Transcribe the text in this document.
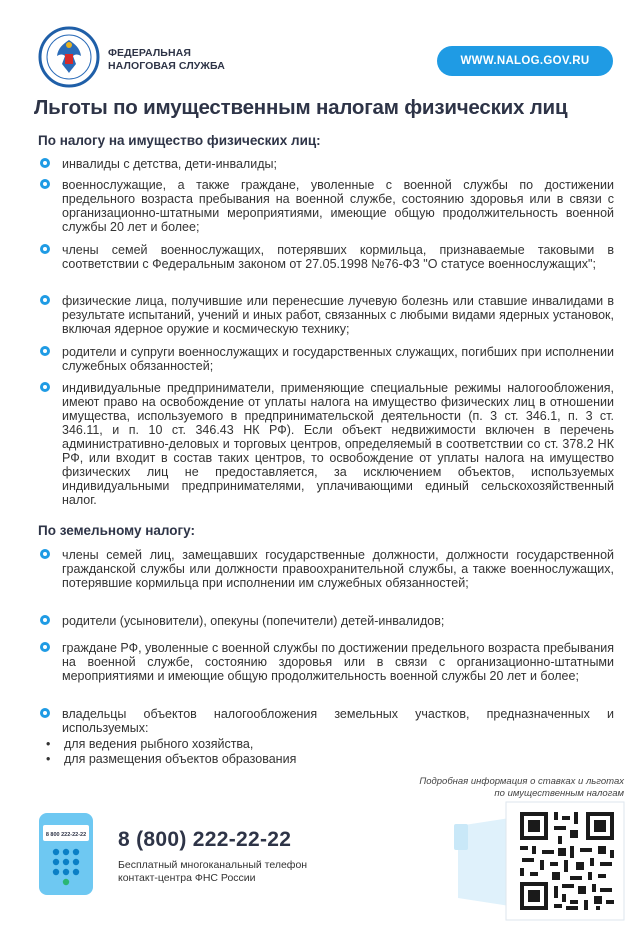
ФЕДЕРАЛЬНАЯ
НАЛОГОВАЯ СЛУЖБА	WWW.NALOG.GOV.RU
Льготы по имущественным налогам физических лиц
По налогу на имущество физических лиц:
инвалиды с детства, дети-инвалиды;
военнослужащие, а также граждане, уволенные с военной службы по достижении предельного возраста пребывания на военной службе, состоянию здоровья или в связи с организационно-штатными мероприятиями, имеющие общую продолжительность военной службы 20 лет и более;
члены семей военнослужащих, потерявших кормильца, признаваемые таковыми в соответствии с Федеральным законом от 27.05.1998 №76-ФЗ "О статусе военнослужащих";
физические лица, получившие или перенесшие лучевую болезнь или ставшие инвалидами в результате испытаний, учений и иных работ, связанных с любыми видами ядерных установок, включая ядерное оружие и космическую технику;
родители и супруги военнослужащих и государственных служащих, погибших при исполнении служебных обязанностей;
индивидуальные предприниматели, применяющие специальные режимы налогообложения, имеют право на освобождение от уплаты налога на имущество физических лиц в отношении имущества, используемого в предпринимательской деятельности (п. 3 ст. 346.1, п. 3 ст. 346.11, и п. 10 ст. 346.43 НК РФ). Если объект недвижимости включен в перечень административно-деловых и торговых центров, определяемый в соответствии со ст. 378.2 НК РФ, или входит в состав таких центров, то освобождение от уплаты налога на имущество физических лиц не предоставляется, за исключением объектов, используемых индивидуальными предпринимателями, уплачивающими единый сельскохозяйственный налог.
По земельному налогу:
члены семей лиц, замещавших государственные должности, должности государственной гражданской службы или должности правоохранительной службы, а также военнослужащих, потерявшие кормильца при исполнении им служебных обязанностей;
родители (усыновители), опекуны (попечители) детей-инвалидов;
граждане РФ, уволенные с военной службы по достижении предельного возраста пребывания на военной службе, состоянию здоровья или в связи с организационно-штатными мероприятиями и имеющие общую продолжительность военной службы 20 лет и более;
владельцы объектов налогообложения земельных участков, предназначенных и используемых:
• для ведения рыбного хозяйства,
• для размещения объектов образования
Подробная информация о ставках и льготах
по имущественным налогам
8 800 222-22-22 8 (800) 222-22-22
Бесплатный многоканальный телефон
контакт-центра ФНС России
